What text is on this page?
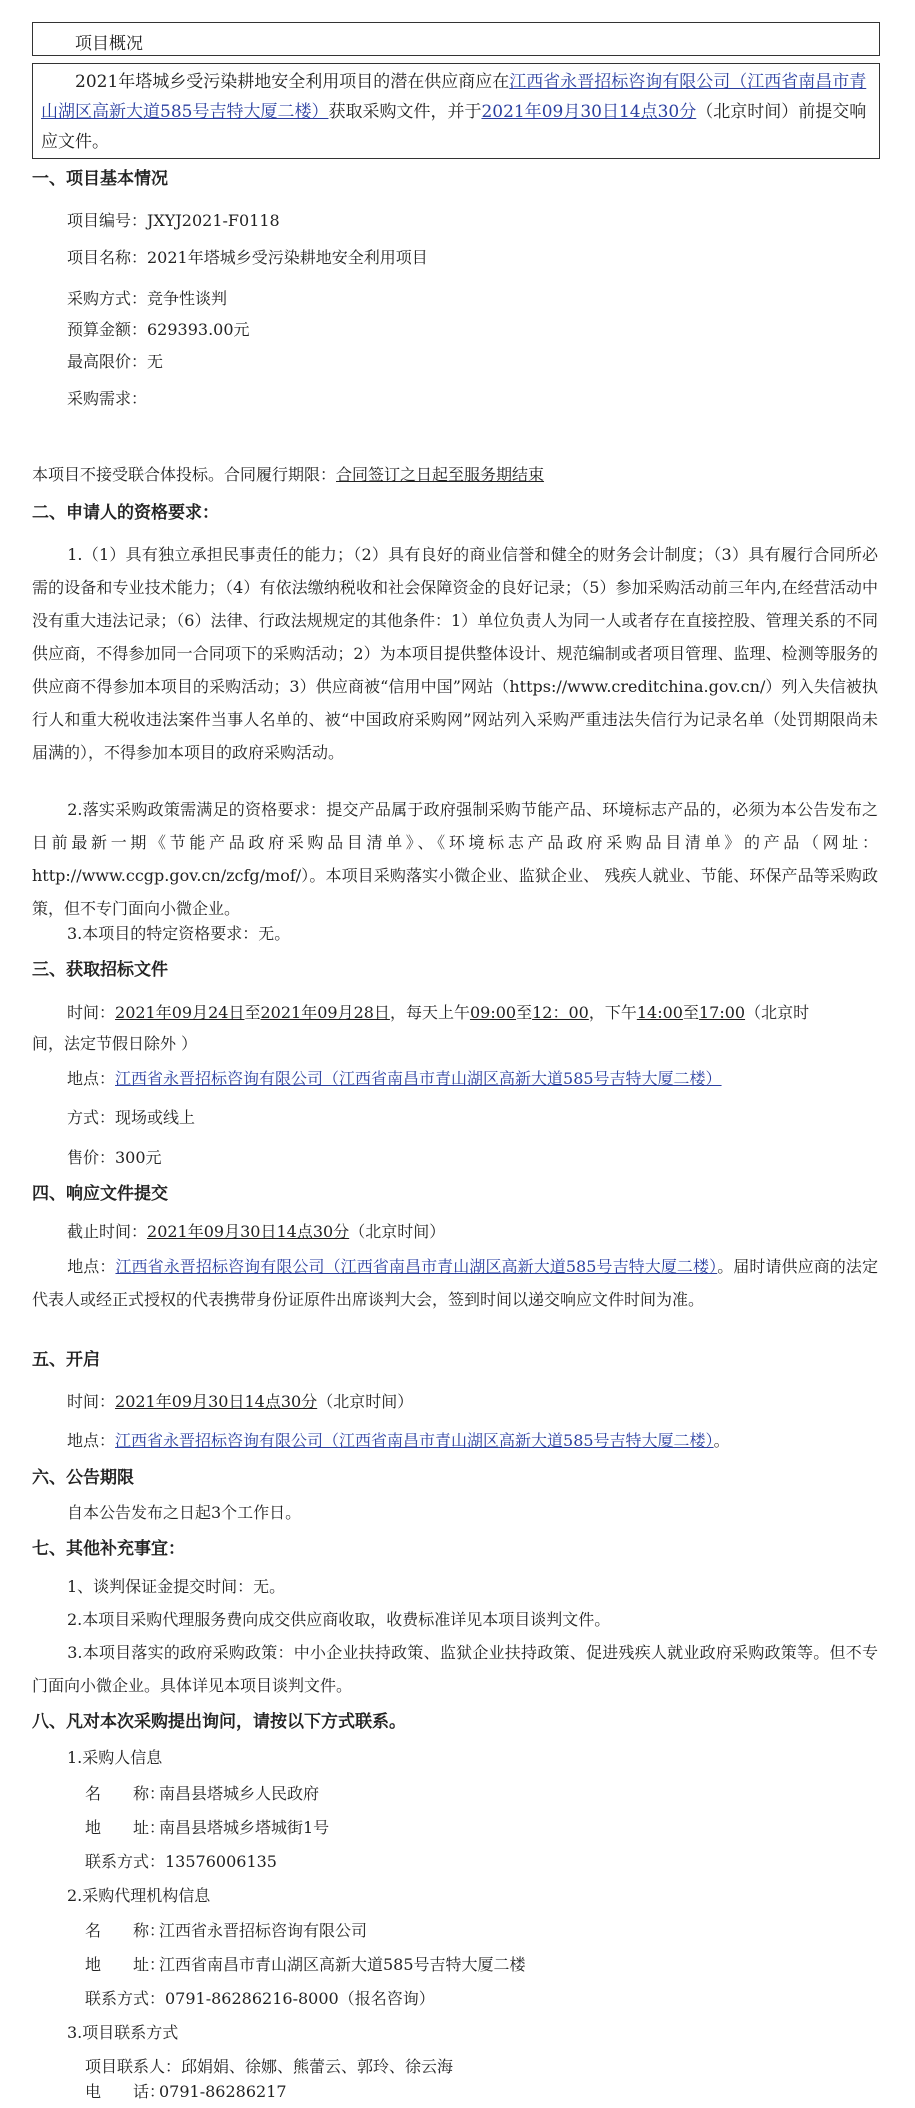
项目概况

2021年塔城乡受污染耕地安全利用项目的潜在供应商应在江西省永晋招标咨询有限公司（江西省南昌市青山湖区高新大道585号吉特大厦二楼）获取采购文件，并于2021年09月30日14点30分（北京时间）前提交响应文件。

一、项目基本情况
项目编号：JXYJ2021-F0118
项目名称：2021年塔城乡受污染耕地安全利用项目
采购方式：竞争性谈判
预算金额：629393.00元
最高限价：无
采购需求：
本项目不接受联合体投标。合同履行期限：合同签订之日起至服务期结束
二、申请人的资格要求：

1.（1）具有独立承担民事责任的能力；（2）具有良好的商业信誉和健全的财务会计制度；（3）具有履行合同所必需的设备和专业技术能力；（4）有依法缴纳税收和社会保障资金的良好记录；（5）参加采购活动前三年内,在经营活动中没有重大违法记录；（6）法律、行政法规规定的其他条件：1）单位负责人为同一人或者存在直接控股、管理关系的不同供应商，不得参加同一合同项下的采购活动；2）为本项目提供整体设计、规范编制或者项目管理、监理、检测等服务的供应商不得参加本项目的采购活动；3）供应商被“信用中国”网站（https://www.creditchina.gov.cn/）列入失信被执行人和重大税收违法案件当事人名单的、被“中国政府采购网”网站列入采购严重违法失信行为记录名单（处罚期限尚未届满的），不得参加本项目的政府采购活动。

2.落实采购政策需满足的资格要求：提交产品属于政府强制采购节能产品、环境标志产品的，必须为本公告发布之日前最新一期《节能产品政府采购品目清单》、《环境标志产品政府采购品目清单》的产品（网址：http://www.ccgp.gov.cn/zcfg/mof/）。本项目采购落实小微企业、监狱企业、 残疾人就业、节能、环保产品等采购政策，但不专门面向小微企业。

3.本项目的特定资格要求：无。
三、获取招标文件
时间：2021年09月24日至2021年09月28日，每天上午09:00至12：00，下午14:00至17:00（北京时
间，法定节假日除外 ）
地点：江西省永晋招标咨询有限公司（江西省南昌市青山湖区高新大道585号吉特大厦二楼）
方式：现场或线上
售价：300元
四、响应文件提交
截止时间：2021年09月30日14点30分（北京时间）

地点：江西省永晋招标咨询有限公司（江西省南昌市青山湖区高新大道585号吉特大厦二楼）。届时请供应商的法定代表人或经正式授权的代表携带身份证原件出席谈判大会，签到时间以递交响应文件时间为准。

五、开启
时间：2021年09月30日14点30分（北京时间）
地点：江西省永晋招标咨询有限公司（江西省南昌市青山湖区高新大道585号吉特大厦二楼）。
六、公告期限
自本公告发布之日起3个工作日。
七、其他补充事宜：
1、谈判保证金提交时间：无。
2.本项目采购代理服务费向成交供应商收取，收费标准详见本项目谈判文件。

3.本项目落实的政府采购政策：中小企业扶持政策、监狱企业扶持政策、促进残疾人就业政府采购政策等。但不专门面向小微企业。具体详见本项目谈判文件。

八、凡对本次采购提出询问，请按以下方式联系。
1.采购人信息
名　　称：南昌县塔城乡人民政府
地　　址：南昌县塔城乡塔城街1号
联系方式：13576006135
2.采购代理机构信息
名　　称：江西省永晋招标咨询有限公司
地　　址：江西省南昌市青山湖区高新大道585号吉特大厦二楼
联系方式：0791-86286216-8000（报名咨询）
3.项目联系方式
项目联系人：邱娟娟、徐娜、熊蕾云、郭玲、徐云海
电　　话：0791-86286217
